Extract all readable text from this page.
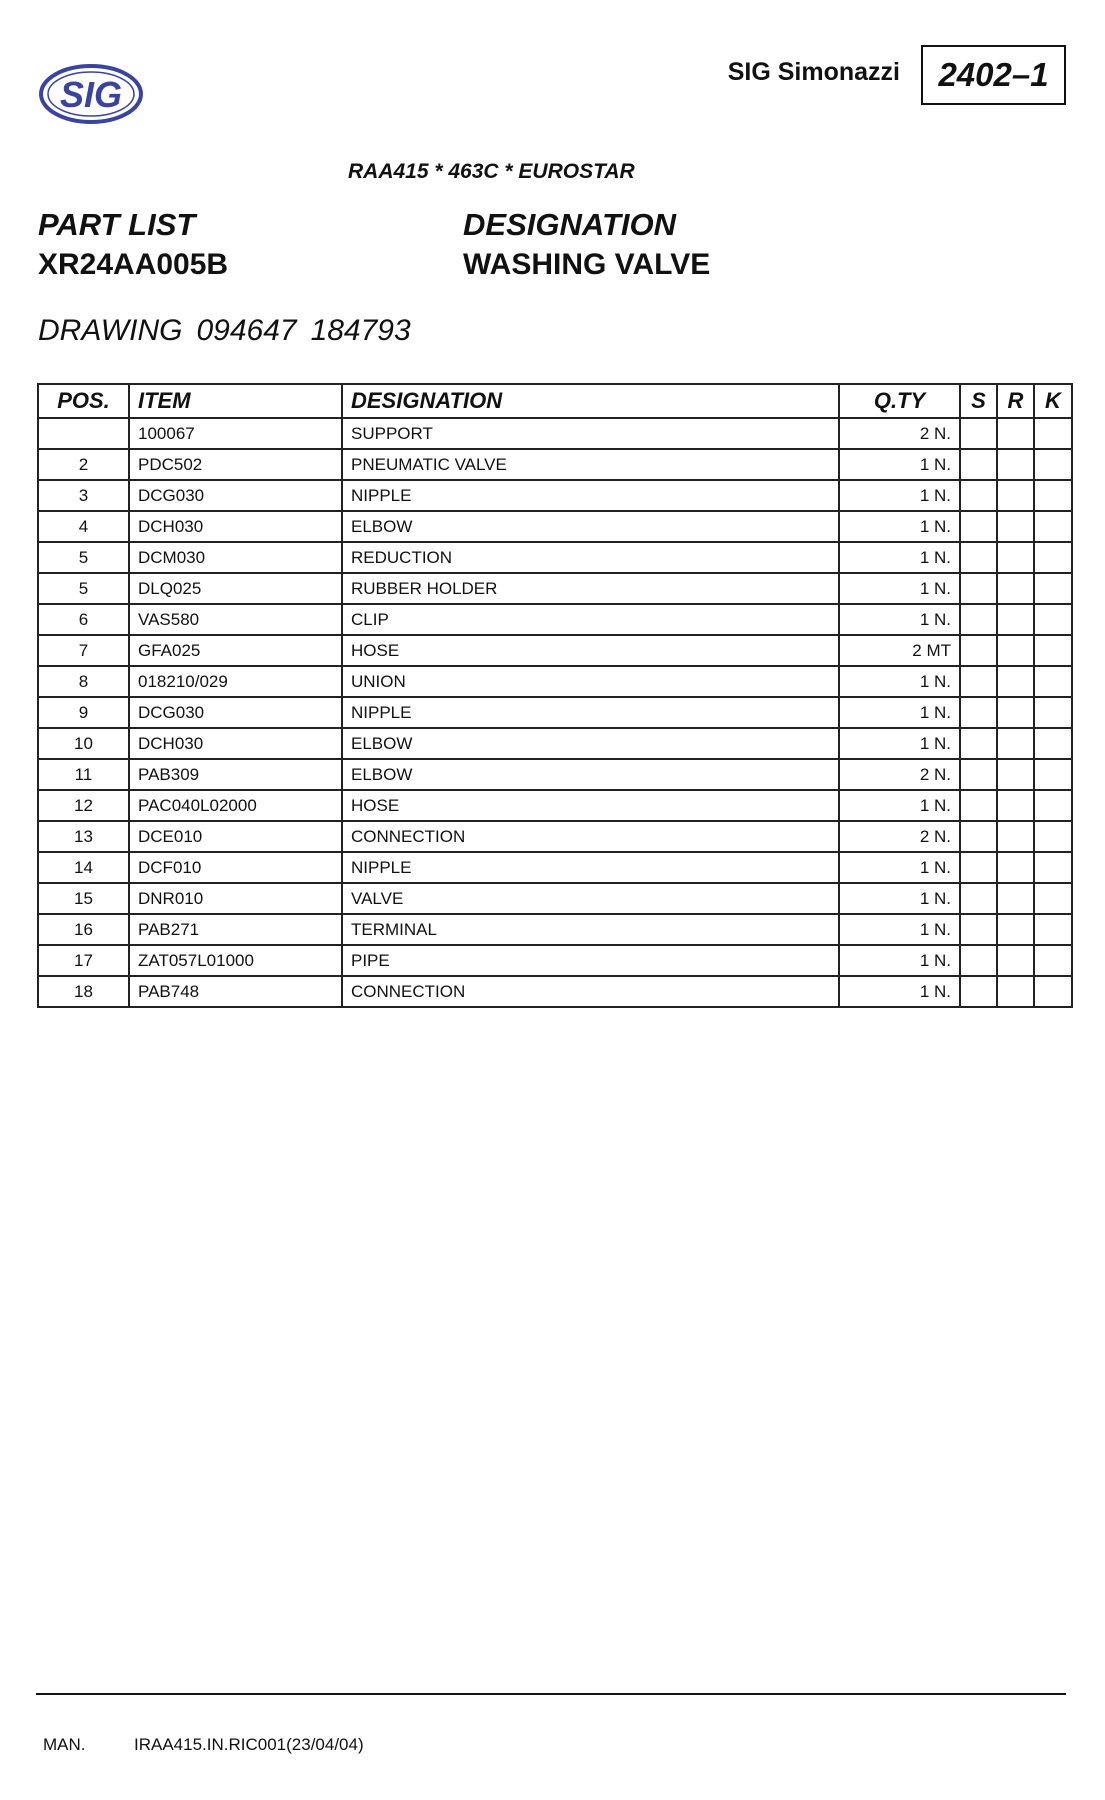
SIG
SIG Simonazzi 2402–1
RAA415 * 463C * EUROSTAR
PART LIST
XR24AA005B
DESIGNATION
WASHING VALVE
DRAWING 094647 184793
POS.	ITEM	DESIGNATION	Q.TY	S	R	K
	100067	SUPPORT	2 N.			
2	PDC502	PNEUMATIC VALVE	1 N.			
3	DCG030	NIPPLE	1 N.			
4	DCH030	ELBOW	1 N.			
5	DCM030	REDUCTION	1 N.			
5	DLQ025	RUBBER HOLDER	1 N.			
6	VAS580	CLIP	1 N.			
7	GFA025	HOSE	2 MT			
8	018210/029	UNION	1 N.			
9	DCG030	NIPPLE	1 N.			
10	DCH030	ELBOW	1 N.			
11	PAB309	ELBOW	2 N.			
12	PAC040L02000	HOSE	1 N.			
13	DCE010	CONNECTION	2 N.			
14	DCF010	NIPPLE	1 N.			
15	DNR010	VALVE	1 N.			
16	PAB271	TERMINAL	1 N.			
17	ZAT057L01000	PIPE	1 N.			
18	PAB748	CONNECTION	1 N.			
MAN.	IRAA415.IN.RIC001(23/04/04)
